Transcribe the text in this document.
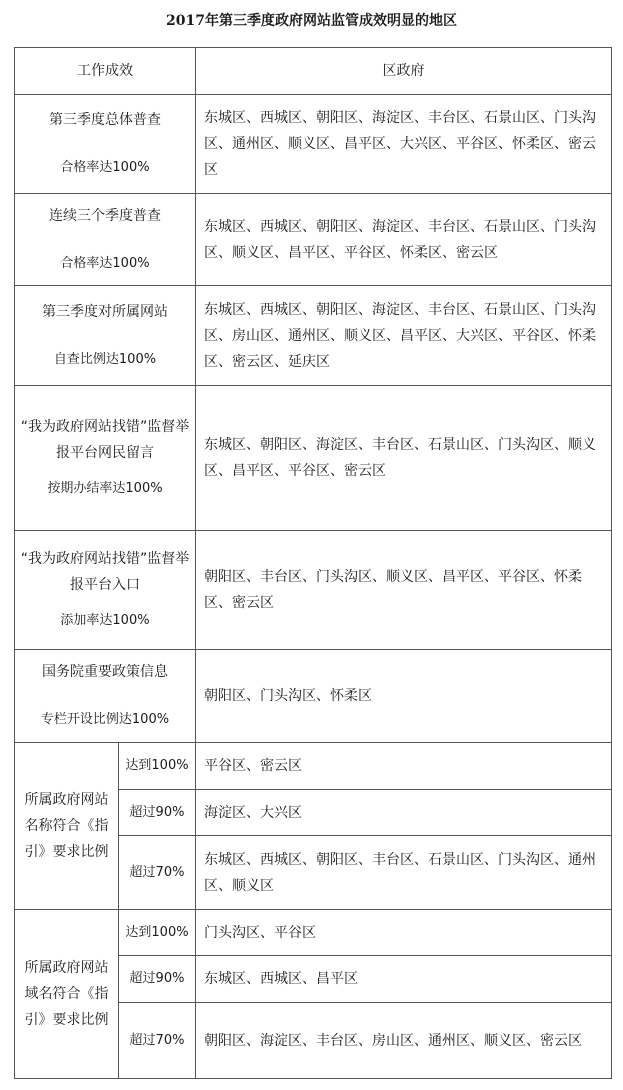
2017年第三季度政府网站监管成效明显的地区
工作成效		区政府

第三季度总体普查
合格率达100%		东城区、西城区、朝阳区、海淀区、丰台区、石景山区、门头沟区、通州区、顺义区、昌平区、大兴区、平谷区、怀柔区、密云区

连续三个季度普查
合格率达100%		东城区、西城区、朝阳区、海淀区、丰台区、石景山区、门头沟区、顺义区、昌平区、平谷区、怀柔区、密云区

第三季度对所属网站
自查比例达100%		东城区、西城区、朝阳区、海淀区、丰台区、石景山区、门头沟区、房山区、通州区、顺义区、昌平区、大兴区、平谷区、怀柔区、密云区、延庆区

“我为政府网站找错”监督举报平台网民留言
按期办结率达100%		东城区、朝阳区、海淀区、丰台区、石景山区、门头沟区、顺义区、昌平区、平谷区、密云区

“我为政府网站找错”监督举报平台入口
添加率达100%		朝阳区、丰台区、门头沟区、顺义区、昌平区、平谷区、怀柔区、密云区

国务院重要政策信息
专栏开设比例达100%		朝阳区、门头沟区、怀柔区
所属政府网站名称符合《指引》要求比例	达到100%	平谷区、密云区
	超过90%	海淀区、大兴区
	超过70%	东城区、西城区、朝阳区、丰台区、石景山区、门头沟区、通州区、顺义区
所属政府网站域名符合《指引》要求比例	达到100%	门头沟区、平谷区
	超过90%	东城区、西城区、昌平区
	超过70%	朝阳区、海淀区、丰台区、房山区、通州区、顺义区、密云区
